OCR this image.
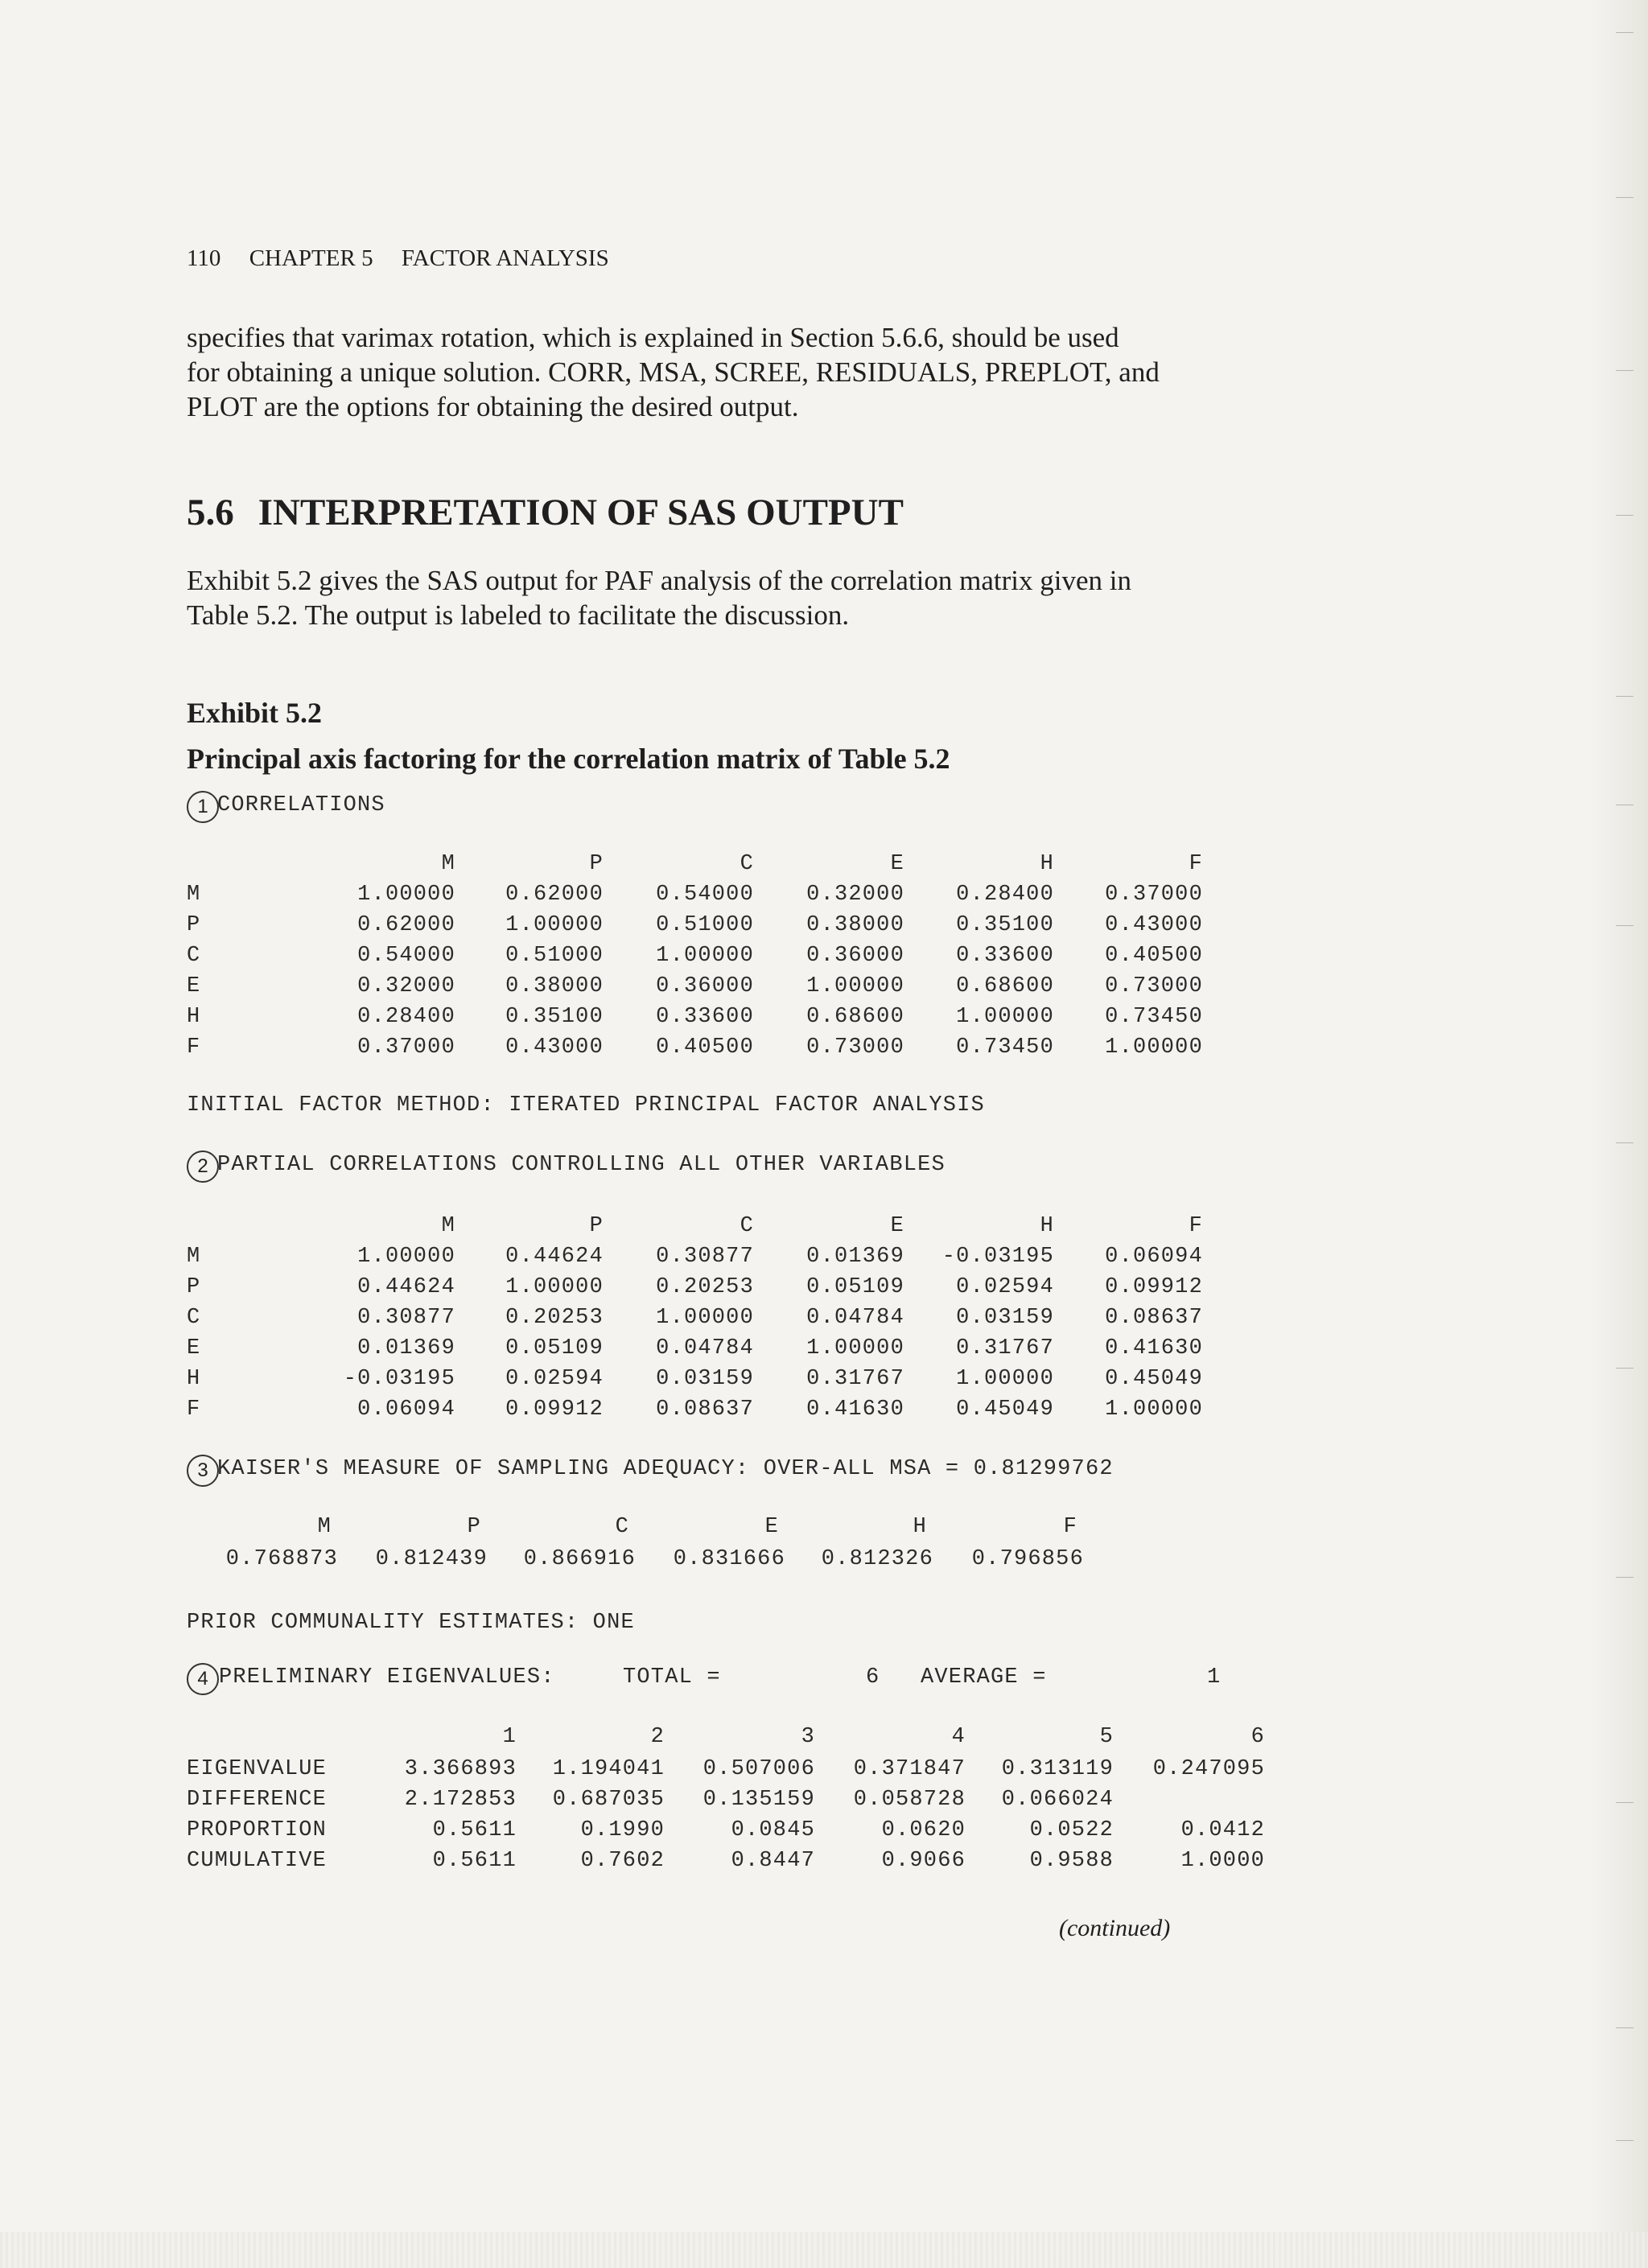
110 CHAPTER 5 FACTOR ANALYSIS

specifies that varimax rotation, which is explained in Section 5.6.6, should be used

for obtaining a unique solution. CORR, MSA, SCREE, RESIDUALS, PREPLOT, and

PLOT are the options for obtaining the desired output.

5.6 INTERPRETATION OF SAS OUTPUT

Exhibit 5.2 gives the SAS output for PAF analysis of the correlation matrix given in

Table 5.2. The output is labeled to facilitate the discussion.

Exhibit 5.2
Principal axis factoring for the correlation matrix of Table 5.2
1 CORRELATIONS
INITIAL FACTOR METHOD: ITERATED PRINCIPAL FACTOR ANALYSIS
2 PARTIAL CORRELATIONS CONTROLLING ALL OTHER VARIABLES
3 KAISER'S MEASURE OF SAMPLING ADEQUACY: OVER-ALL MSA = 0.81299762
PRIOR COMMUNALITY ESTIMATES: ONE
4 PRELIMINARY EIGENVALUES:	TOTAL =	6 AVERAGE =	1
(continued)
M	P	C	E	H	F
M	1.00000	0.62000	0.54000	0.32000	0.28400	0.37000
P	0.62000	1.00000	0.51000	0.38000	0.35100	0.43000
C	0.54000	0.51000	1.00000	0.36000	0.33600	0.40500
E	0.32000	0.38000	0.36000	1.00000	0.68600	0.73000
H	0.28400	0.35100	0.33600	0.68600	1.00000	0.73450
F	0.37000	0.43000	0.40500	0.73000	0.73450	1.00000
M	P	C	E	H	F
M	1.00000	0.44624	0.30877	0.01369	-0.03195	0.06094
P	0.44624	1.00000	0.20253	0.05109	0.02594	0.09912
C	0.30877	0.20253	1.00000	0.04784	0.03159	0.08637
E	0.01369	0.05109	0.04784	1.00000	0.31767	0.41630
H	-0.03195	0.02594	0.03159	0.31767	1.00000	0.45049
F	0.06094	0.09912	0.08637	0.41630	0.45049	1.00000
M	P	C	E	H	F
0.768873	0.812439	0.866916	0.831666	0.812326	0.796856
1	2	3	4	5	6
EIGENVALUE	3.366893	1.194041	0.507006	0.371847	0.313119	0.247095
DIFFERENCE	2.172853	0.687035	0.135159	0.058728	0.066024
PROPORTION	0.5611	0.1990	0.0845	0.0620	0.0522	0.0412
CUMULATIVE	0.5611	0.7602	0.8447	0.9066	0.9588	1.0000
